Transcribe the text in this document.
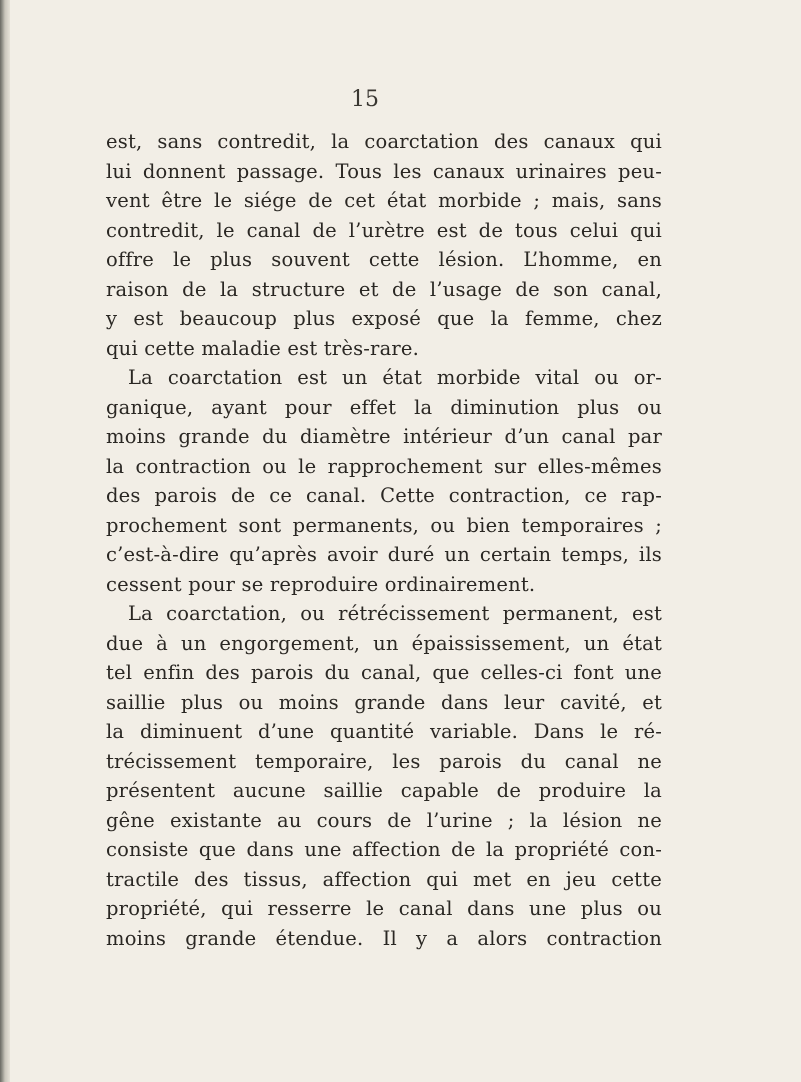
15
est, sans contredit, la coarctation des canaux qui
lui donnent passage. Tous les canaux urinaires peu-
vent être le siége de cet état morbide ; mais, sans
contredit, le canal de l’urètre est de tous celui qui
offre le plus souvent cette lésion. L’homme, en
raison de la structure et de l’usage de son canal,
y est beaucoup plus exposé que la femme, chez
qui cette maladie est très-rare.
La coarctation est un état morbide vital ou or-
ganique, ayant pour effet la diminution plus ou
moins grande du diamètre intérieur d’un canal par
la contraction ou le rapprochement sur elles-mêmes
des parois de ce canal. Cette contraction, ce rap-
prochement sont permanents, ou bien temporaires ;
c’est-à-dire qu’après avoir duré un certain temps, ils
cessent pour se reproduire ordinairement.
La coarctation, ou rétrécissement permanent, est
due à un engorgement, un épaississement, un état
tel enfin des parois du canal, que celles-ci font une
saillie plus ou moins grande dans leur cavité, et
la diminuent d’une quantité variable. Dans le ré-
trécissement temporaire, les parois du canal ne
présentent aucune saillie capable de produire la
gêne existante au cours de l’urine ; la lésion ne
consiste que dans une affection de la propriété con-
tractile des tissus, affection qui met en jeu cette
propriété, qui resserre le canal dans une plus ou
moins grande étendue. Il y a alors contraction
